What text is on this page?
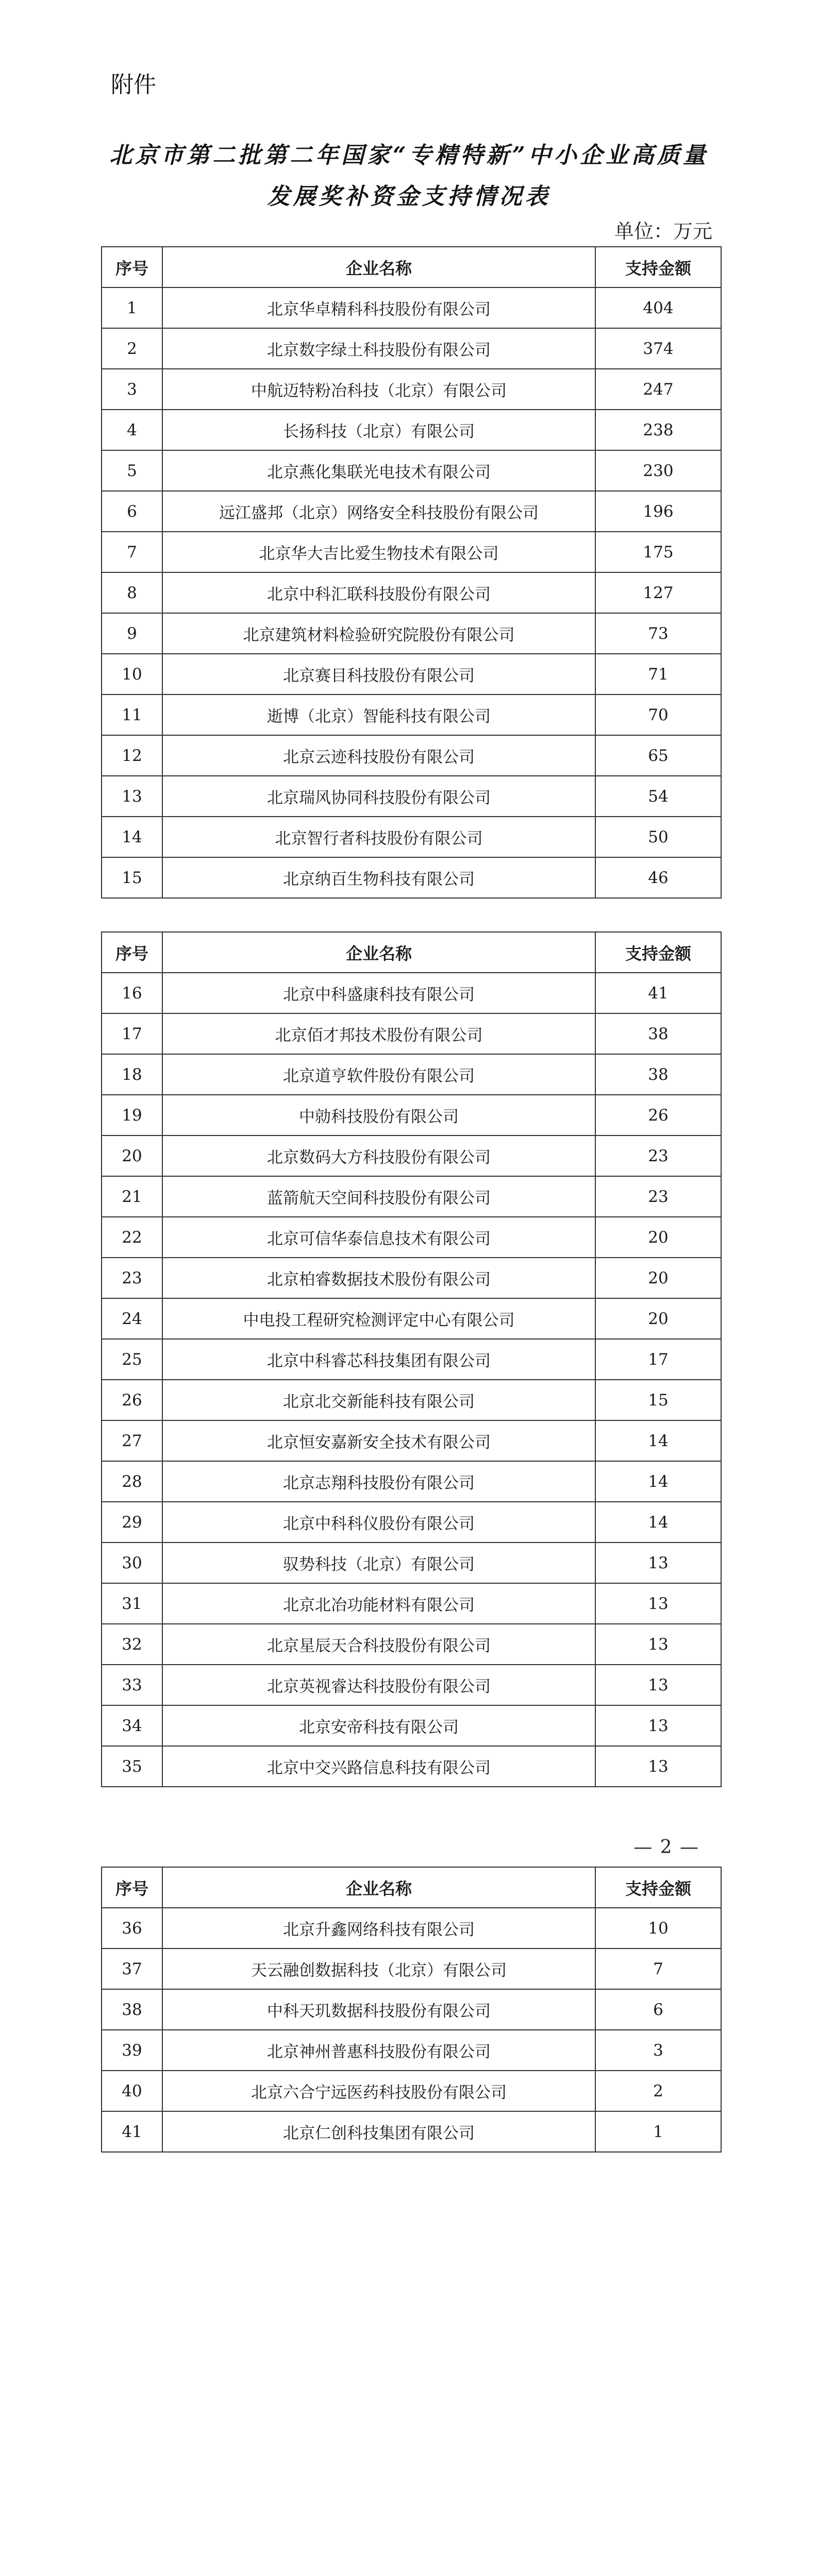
附件
北京市第二批第二年国家“专精特新”中小企业高质量
发展奖补资金支持情况表
单位：万元
序号	企业名称	支持金额
1	北京华卓精科科技股份有限公司	404
2	北京数字绿土科技股份有限公司	374
3	中航迈特粉冶科技（北京）有限公司	247
4	长扬科技（北京）有限公司	238
5	北京燕化集联光电技术有限公司	230
6	远江盛邦（北京）网络安全科技股份有限公司	196
7	北京华大吉比爱生物技术有限公司	175
8	北京中科汇联科技股份有限公司	127
9	北京建筑材料检验研究院股份有限公司	73
10	北京赛目科技股份有限公司	71
11	逝博（北京）智能科技有限公司	70
12	北京云迹科技股份有限公司	65
13	北京瑞风协同科技股份有限公司	54
14	北京智行者科技股份有限公司	50
15	北京纳百生物科技有限公司	46
序号	企业名称	支持金额
16	北京中科盛康科技有限公司	41
17	北京佰才邦技术股份有限公司	38
18	北京道亨软件股份有限公司	38
19	中勍科技股份有限公司	26
20	北京数码大方科技股份有限公司	23
21	蓝箭航天空间科技股份有限公司	23
22	北京可信华泰信息技术有限公司	20
23	北京柏睿数据技术股份有限公司	20
24	中电投工程研究检测评定中心有限公司	20
25	北京中科睿芯科技集团有限公司	17
26	北京北交新能科技有限公司	15
27	北京恒安嘉新安全技术有限公司	14
28	北京志翔科技股份有限公司	14
29	北京中科科仪股份有限公司	14
30	驭势科技（北京）有限公司	13
31	北京北冶功能材料有限公司	13
32	北京星辰天合科技股份有限公司	13
33	北京英视睿达科技股份有限公司	13
34	北京安帝科技有限公司	13
35	北京中交兴路信息科技有限公司	13
— 2 —
序号	企业名称	支持金额
36	北京升鑫网络科技有限公司	10
37	天云融创数据科技（北京）有限公司	7
38	中科天玑数据科技股份有限公司	6
39	北京神州普惠科技股份有限公司	3
40	北京六合宁远医药科技股份有限公司	2
41	北京仁创科技集团有限公司	1
